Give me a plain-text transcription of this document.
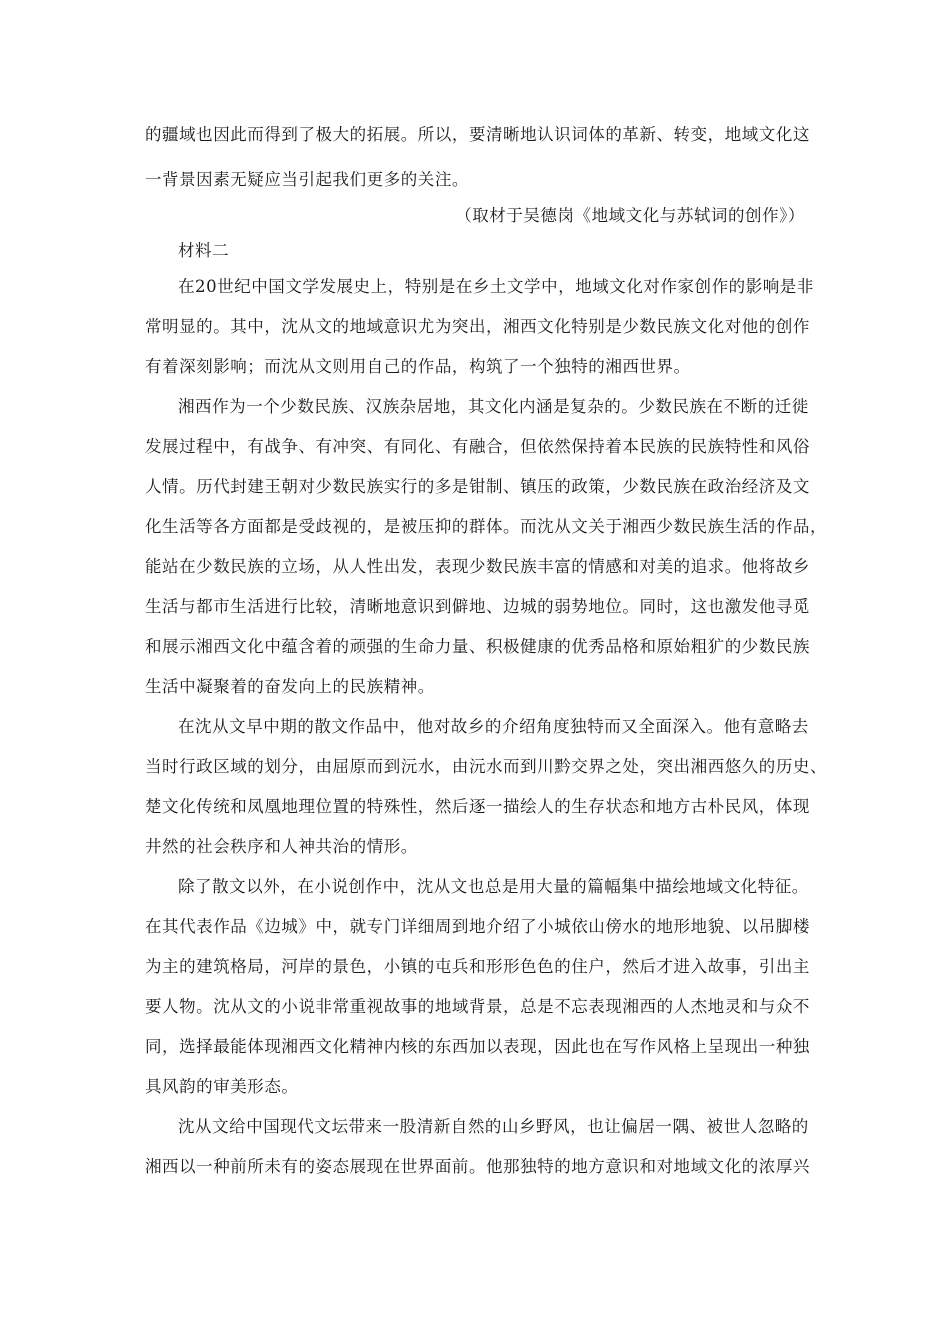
的疆域也因此而得到了极大的拓展。所以，要清晰地认识词体的革新、转变，地域文化这
一背景因素无疑应当引起我们更多的关注。
（取材于吴德岗《地域文化与苏轼词的创作》）
材料二
在20世纪中国文学发展史上，特别是在乡土文学中，地域文化对作家创作的影响是非
常明显的。其中，沈从文的地域意识尤为突出，湘西文化特别是少数民族文化对他的创作
有着深刻影响；而沈从文则用自己的作品，构筑了一个独特的湘西世界。
湘西作为一个少数民族、汉族杂居地，其文化内涵是复杂的。少数民族在不断的迁徙
发展过程中，有战争、有冲突、有同化、有融合，但依然保持着本民族的民族特性和风俗
人情。历代封建王朝对少数民族实行的多是钳制、镇压的政策，少数民族在政治经济及文
化生活等各方面都是受歧视的，是被压抑的群体。而沈从文关于湘西少数民族生活的作品，
能站在少数民族的立场，从人性出发，表现少数民族丰富的情感和对美的追求。他将故乡
生活与都市生活进行比较，清晰地意识到僻地、边城的弱势地位。同时，这也激发他寻觅
和展示湘西文化中蕴含着的顽强的生命力量、积极健康的优秀品格和原始粗犷的少数民族
生活中凝聚着的奋发向上的民族精神。
在沈从文早中期的散文作品中，他对故乡的介绍角度独特而又全面深入。他有意略去
当时行政区域的划分，由屈原而到沅水，由沅水而到川黔交界之处，突出湘西悠久的历史、
楚文化传统和凤凰地理位置的特殊性，然后逐一描绘人的生存状态和地方古朴民风，体现
井然的社会秩序和人神共治的情形。
除了散文以外，在小说创作中，沈从文也总是用大量的篇幅集中描绘地域文化特征。
在其代表作品《边城》中，就专门详细周到地介绍了小城依山傍水的地形地貌、以吊脚楼
为主的建筑格局，河岸的景色，小镇的屯兵和形形色色的住户，然后才进入故事，引出主
要人物。沈从文的小说非常重视故事的地域背景，总是不忘表现湘西的人杰地灵和与众不
同，选择最能体现湘西文化精神内核的东西加以表现，因此也在写作风格上呈现出一种独
具风韵的审美形态。
沈从文给中国现代文坛带来一股清新自然的山乡野风，也让偏居一隅、被世人忽略的
湘西以一种前所未有的姿态展现在世界面前。他那独特的地方意识和对地域文化的浓厚兴
